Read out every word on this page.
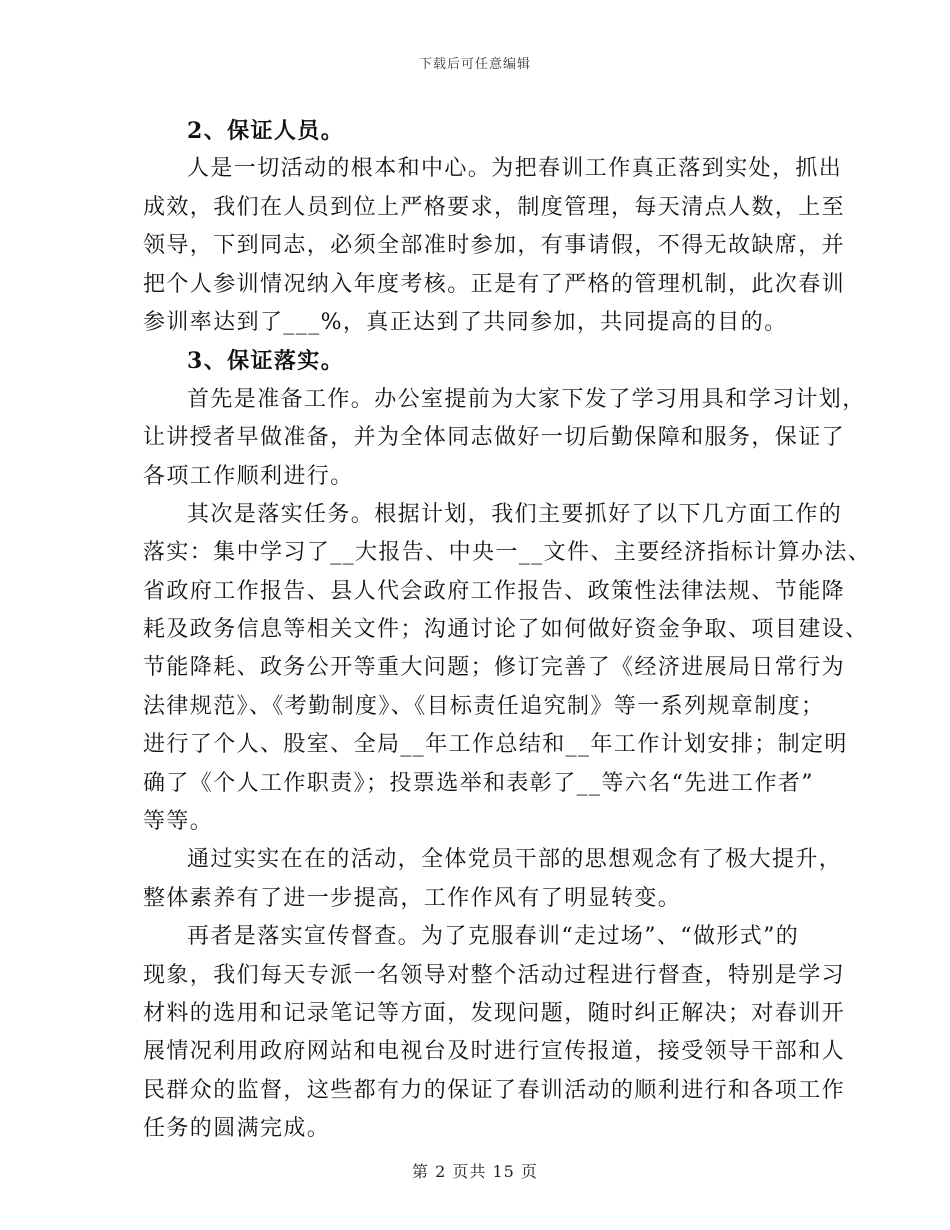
下载后可任意编辑
2、保证人员。
人是一切活动的根本和中心。为把春训工作真正落到实处，抓出
成效，我们在人员到位上严格要求，制度管理，每天清点人数，上至
领导，下到同志，必须全部准时参加，有事请假，不得无故缺席，并
把个人参训情况纳入年度考核。正是有了严格的管理机制，此次春训
参训率达到了___%，真正达到了共同参加，共同提高的目的。
3、保证落实。
首先是准备工作。办公室提前为大家下发了学习用具和学习计划，
让讲授者早做准备，并为全体同志做好一切后勤保障和服务，保证了
各项工作顺利进行。
其次是落实任务。根据计划，我们主要抓好了以下几方面工作的
落实：集中学习了__大报告、中央一__文件、主要经济指标计算办法、
省政府工作报告、县人代会政府工作报告、政策性法律法规、节能降
耗及政务信息等相关文件；沟通讨论了如何做好资金争取、项目建设、
节能降耗、政务公开等重大问题；修订完善了《经济进展局日常行为
法律规范》、《考勤制度》、《目标责任追究制》等一系列规章制度；
进行了个人、股室、全局__年工作总结和__年工作计划安排；制定明
确了《个人工作职责》；投票选举和表彰了__等六名“先进工作者”
等等。
通过实实在在的活动，全体党员干部的思想观念有了极大提升，
整体素养有了进一步提高，工作作风有了明显转变。
再者是落实宣传督查。为了克服春训“走过场”、“做形式”的
现象，我们每天专派一名领导对整个活动过程进行督查，特别是学习
材料的选用和记录笔记等方面，发现问题，随时纠正解决；对春训开
展情况利用政府网站和电视台及时进行宣传报道，接受领导干部和人
民群众的监督，这些都有力的保证了春训活动的顺利进行和各项工作
任务的圆满完成。
第 2 页共 15 页
